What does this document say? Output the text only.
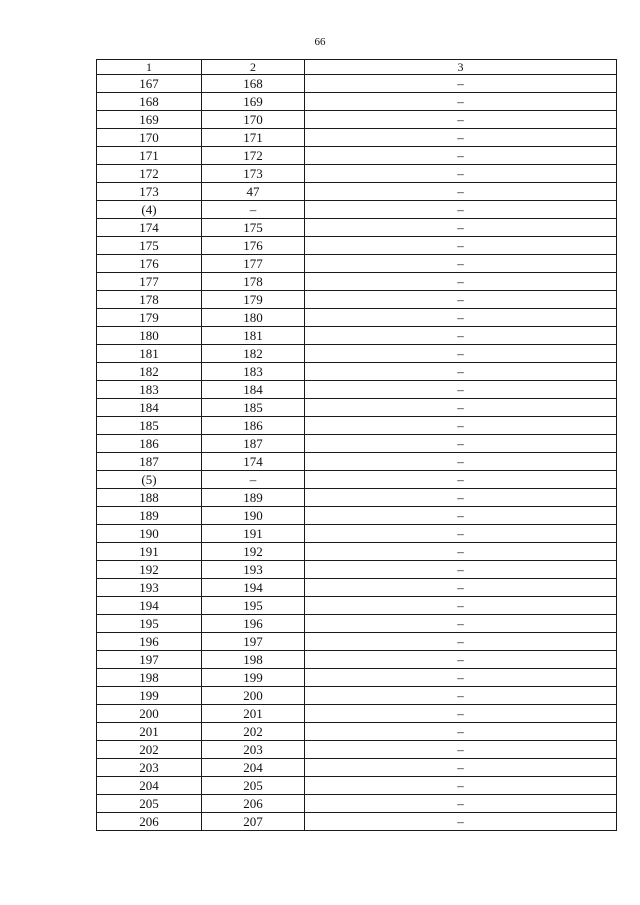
66
1	2	3
167	168	–
168	169	–
169	170	–
170	171	–
171	172	–
172	173	–
173	47	–
(4)	–	–
174	175	–
175	176	–
176	177	–
177	178	–
178	179	–
179	180	–
180	181	–
181	182	–
182	183	–
183	184	–
184	185	–
185	186	–
186	187	–
187	174	–
(5)	–	–
188	189	–
189	190	–
190	191	–
191	192	–
192	193	–
193	194	–
194	195	–
195	196	–
196	197	–
197	198	–
198	199	–
199	200	–
200	201	–
201	202	–
202	203	–
203	204	–
204	205	–
205	206	–
206	207	–
